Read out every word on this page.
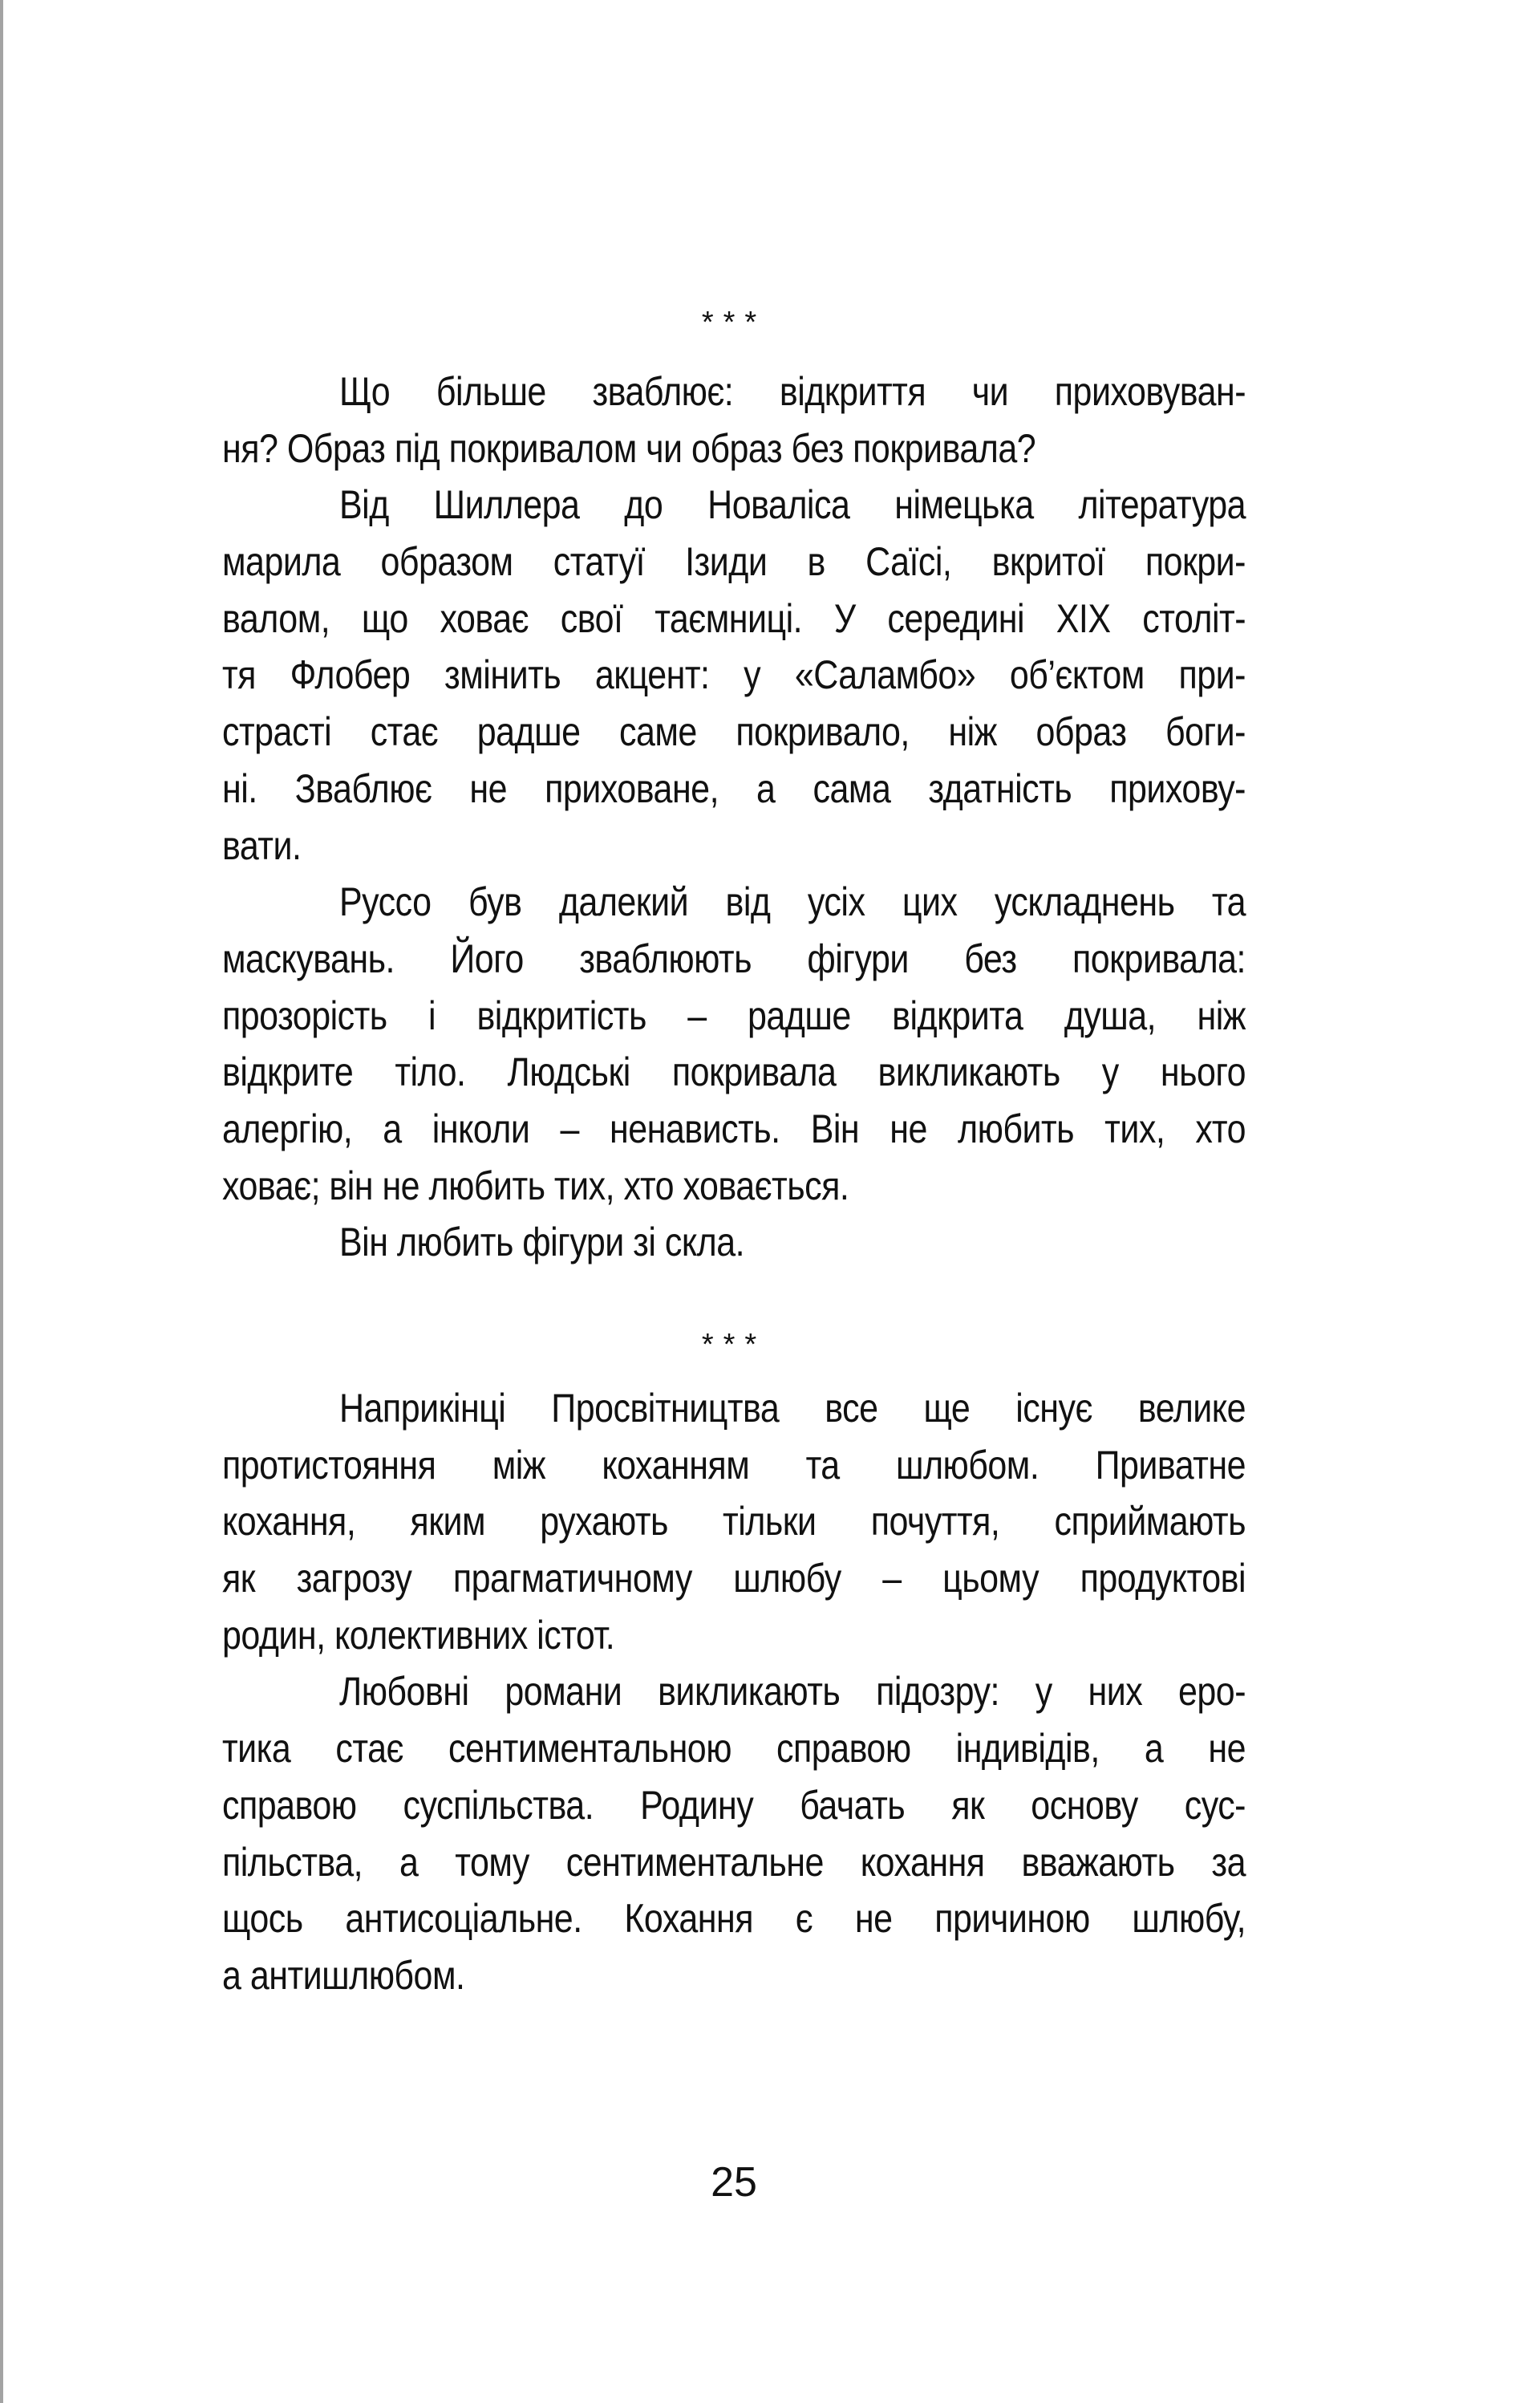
***
Що більше зваблює: відкриття чи приховуван-
ня? Образ під покривалом чи образ без покривала?
Від Шиллера до Новаліса німецька література
марила образом статуї Ізиди в Саїсі, вкритої покри-
валом, що ховає свої таємниці. У середині XIX століт-
тя Флобер змінить акцент: у «Саламбо» об’єктом при-
страсті стає радше саме покривало, ніж образ боги-
ні. Зваблює не приховане, а сама здатність прихову-
вати.
Руссо був далекий від усіх цих ускладнень та
маскувань. Його зваблюють фігури без покривала:
прозорість і відкритість – радше відкрита душа, ніж
відкрите тіло. Людські покривала викликають у нього
алергію, а інколи – ненависть. Він не любить тих, хто
ховає; він не любить тих, хто ховається.
Він любить фігури зі скла.
***
Наприкінці Просвітництва все ще існує велике
протистояння між коханням та шлюбом. Приватне
кохання, яким рухають тільки почуття, сприймають
як загрозу прагматичному шлюбу – цьому продуктові
родин, колективних істот.
Любовні романи викликають підозру: у них еро-
тика стає сентиментальною справою індивідів, а не
справою суспільства. Родину бачать як основу сус-
пільства, а тому сентиментальне кохання вважають за
щось антисоціальне. Кохання є не причиною шлюбу,
а антишлюбом.
25
